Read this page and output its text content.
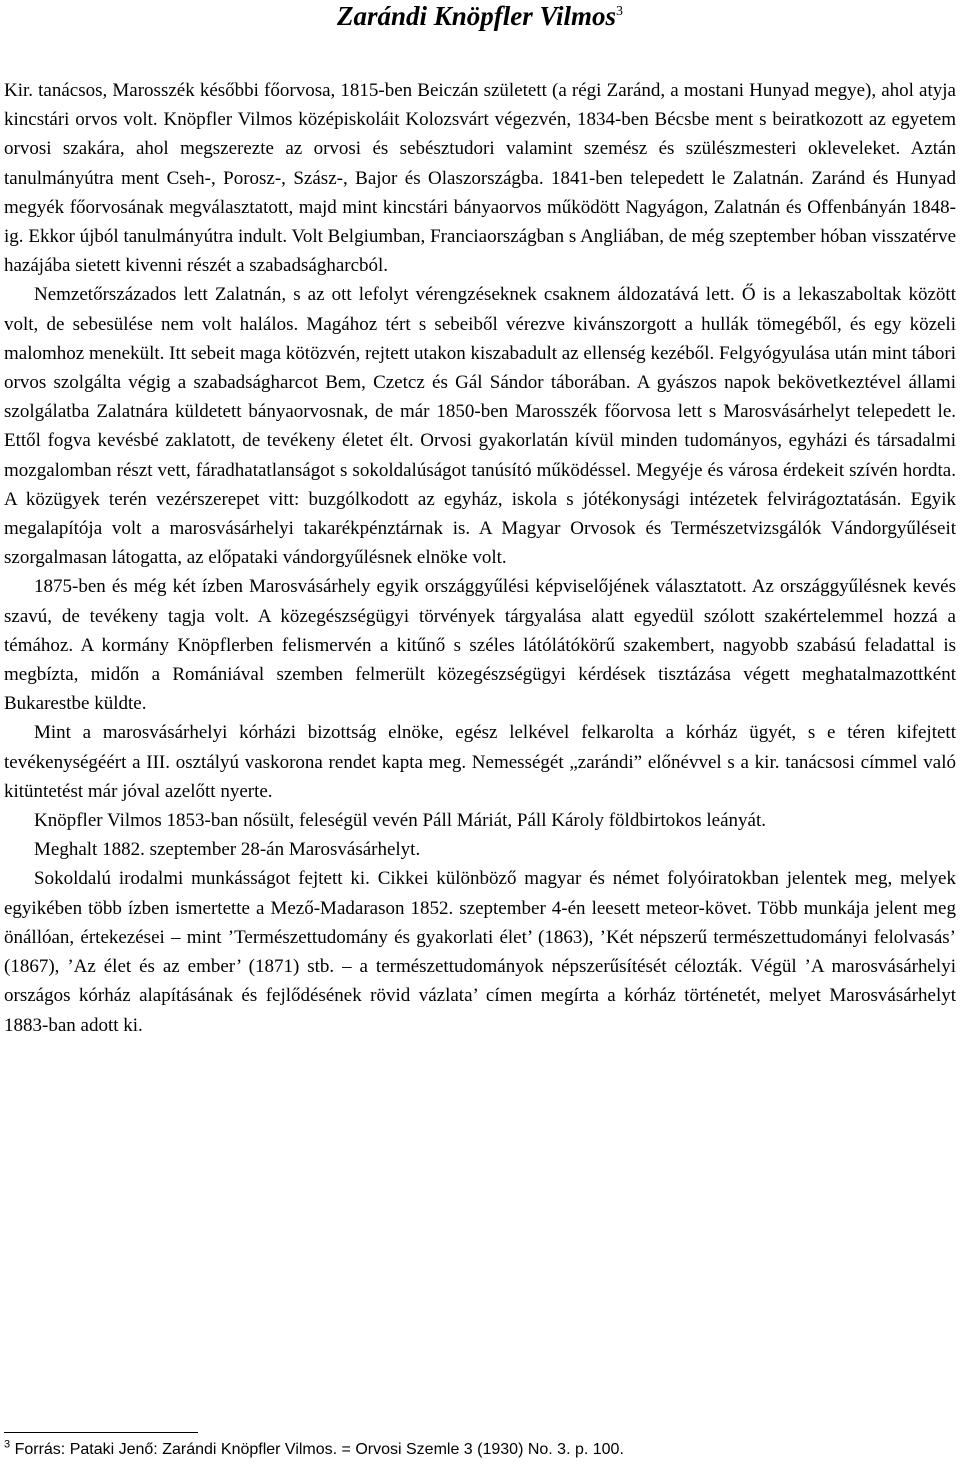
Zarándi Knöpfler Vilmos$^3$

Kir. tanácsos, Marosszék későbbi főorvosa, 1815-ben Beiczán született (a régi Zaránd, a mostani Hunyad megye), ahol atyja kincstári orvos volt. Knöpfler Vilmos középiskoláit Kolozsvárt végezvén, 1834-ben Bécsbe ment s beiratkozott az egyetem orvosi szakára, ahol megszerezte az orvosi és sebésztudori valamint szemész és szülészmesteri okleveleket. Aztán tanulmányútra ment Cseh-, Porosz-, Szász-, Bajor és Olaszországba. 1841-ben telepedett le Zalatnán. Zaránd és Hunyad megyék főorvosának megválasztatott, majd mint kincstári bányaorvos működött Nagyágon, Zalatnán és Offenbányán 1848-ig. Ekkor újból tanulmányútra indult. Volt Belgiumban, Franciaországban s Angliában, de még szeptember hóban visszatérve hazájába sietett kivenni részét a szabadságharcból.

Nemzetőrszázados lett Zalatnán, s az ott lefolyt vérengzéseknek csaknem áldozatává lett. Ő is a lekaszaboltak között volt, de sebesülése nem volt halálos. Magához tért s sebeiből vérezve kivánszorgott a hullák tömegéből, és egy közeli malomhoz menekült. Itt sebeit maga kötözvén, rejtett utakon kiszabadult az ellenség kezéből. Felgyógyulása után mint tábori orvos szolgálta végig a szabadságharcot Bem, Czetcz és Gál Sándor táborában. A gyászos napok bekövetkeztével állami szolgálatba Zalatnára küldetett bányaorvosnak, de már 1850-ben Marosszék főorvosa lett s Marosvásárhelyt telepedett le. Ettől fogva kevésbé zaklatott, de tevékeny életet élt. Orvosi gyakorlatán kívül minden tudományos, egyházi és társadalmi mozgalomban részt vett, fáradhatatlanságot s sokoldalúságot tanúsító működéssel. Megyéje és városa érdekeit szívén hordta. A közügyek terén vezérszerepet vitt: buzgólkodott az egyház, iskola s jótékonysági intézetek felvirágoztatásán. Egyik megalapítója volt a marosvásárhelyi takarékpénztárnak is. A Magyar Orvosok és Természetvizsgálók Vándorgyűléseit szorgalmasan látogatta, az előpataki vándorgyűlésnek elnöke volt.

1875-ben és még két ízben Marosvásárhely egyik országgyűlési képviselőjének választatott. Az országgyűlésnek kevés szavú, de tevékeny tagja volt. A közegészségügyi törvények tárgyalása alatt egyedül szólott szakértelemmel hozzá a témához. A kormány Knöpflerben felismervén a kitűnő s széles látólátókörű szakembert, nagyobb szabású feladattal is megbízta, midőn a Romániával szemben felmerült közegészségügyi kérdések tisztázása végett meghatalmazottként Bukarestbe küldte.

Mint a marosvásárhelyi kórházi bizottság elnöke, egész lelkével felkarolta a kórház ügyét, s e téren kifejtett tevékenységéért a III. osztályú vaskorona rendet kapta meg. Nemességét „zarándi” előnévvel s a kir. tanácsosi címmel való kitüntetést már jóval azelőtt nyerte.

Knöpfler Vilmos 1853-ban nősült, feleségül vevén Páll Máriát, Páll Károly földbirtokos leányát.

Meghalt 1882. szeptember 28-án Marosvásárhelyt.

Sokoldalú irodalmi munkásságot fejtett ki. Cikkei különböző magyar és német folyóiratokban jelentek meg, melyek egyikében több ízben ismertette a Mező-Madarason 1852. szeptember 4-én leesett meteor-követ. Több munkája jelent meg önállóan, értekezései – mint ’Természettudomány és gyakorlati élet’ (1863), ’Két népszerű természettudományi felolvasás’ (1867), ’Az élet és az ember’ (1871) stb. – a természettudományok népszerűsítését célozták. Végül ’A marosvásárhelyi országos kórház alapításának és fejlődésének rövid vázlata’ címen megírta a kórház történetét, melyet Marosvásárhelyt 1883-ban adott ki.

$^3$ Forrás: Pataki Jenő: Zarándi Knöpfler Vilmos. = Orvosi Szemle 3 (1930) No. 3. p. 100.
